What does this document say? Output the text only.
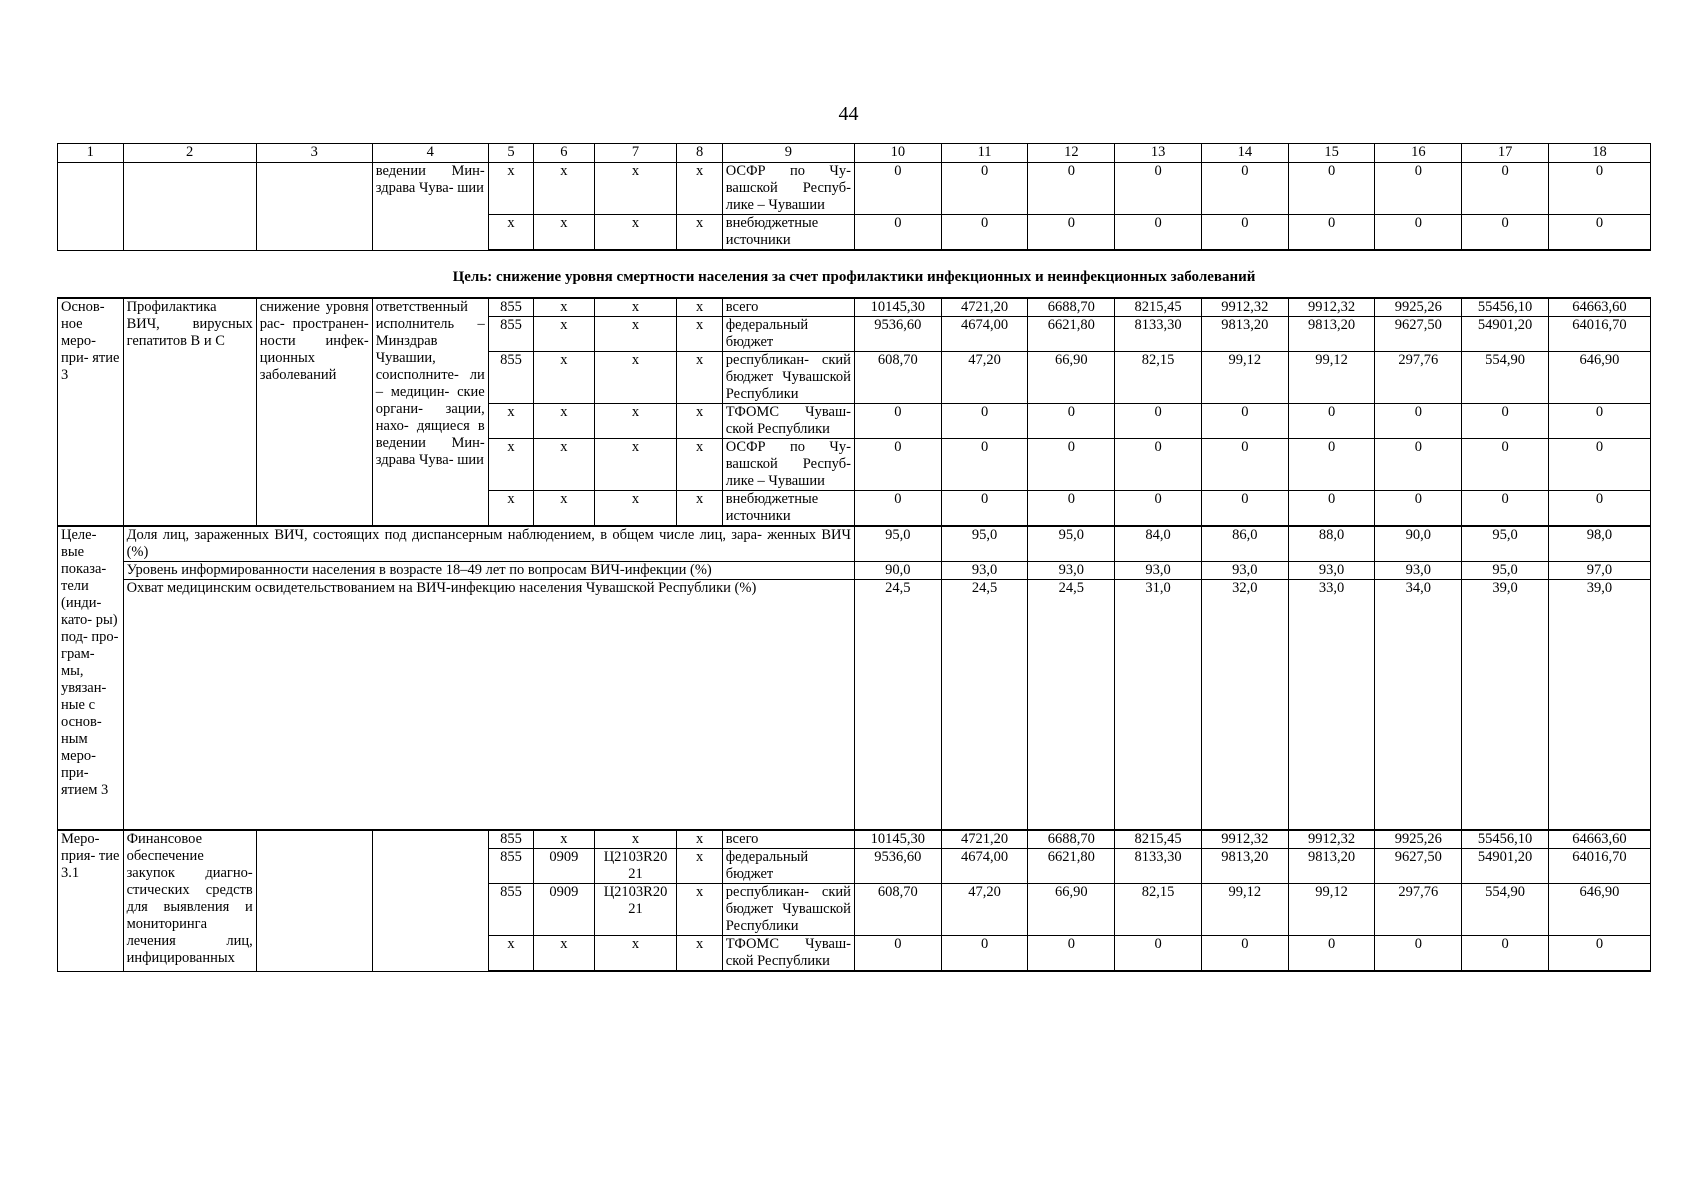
44
1	2	3	4	5	6	7	8	9	10	11	12	13	14	15	16	17	18
			ведении Мин- здрава Чува- шии	x	x	x	x	ОСФР по Чу- вашской Респуб- лике – Чувашии	0	0	0	0	0	0	0	0	0
				x	x	x	x	внебюджетные источники	0	0	0	0	0	0	0	0	0
Цель: снижение уровня смертности населения за счет профилактики инфекционных и неинфекционных заболеваний																	
Основ- ное меро- при- ятие 3	Профилактика ВИЧ, вирусных гепатитов В и С	снижение уровня рас- пространен- ности инфек- ционных заболеваний	ответственный исполнитель – Минздрав Чувашии, соисполните- ли – медицин- ские органи- зации, нахо- дящиеся в ведении Мин- здрава Чува- шии	855	x	x	x	всего	10145,30	4721,20	6688,70	8215,45	9912,32	9912,32	9925,26	55456,10	64663,60
				855	x	x	x	федеральный бюджет	9536,60	4674,00	6621,80	8133,30	9813,20	9813,20	9627,50	54901,20	64016,70
				855	x	x	x	республикан- ский бюджет Чувашской Республики	608,70	47,20	66,90	82,15	99,12	99,12	297,76	554,90	646,90
				x	x	x	x	ТФОМС Чуваш- ской Республики	0	0	0	0	0	0	0	0	0
				x	x	x	x	ОСФР по Чу- вашской Респуб- лике – Чувашии	0	0	0	0	0	0	0	0	0
				x	x	x	x	внебюджетные источники	0	0	0	0	0	0	0	0	0
Целе- вые показа- тели (инди- като- ры) под- про- грам- мы, увязан- ные с основ- ным меро- при- ятием 3	Доля лиц, зараженных ВИЧ, состоящих под диспансерным наблюдением, в общем числе лиц, зара- женных ВИЧ (%)								95,0	95,0	95,0	84,0	86,0	88,0	90,0	95,0	98,0
	Уровень информированности населения в возрасте 18–49 лет по вопросам ВИЧ-инфекции (%)								90,0	93,0	93,0	93,0	93,0	93,0	93,0	95,0	97,0
	Охват медицинским освидетельствованием на ВИЧ-инфекцию населения Чувашской Республики (%)								24,5	24,5	24,5	31,0	32,0	33,0	34,0	39,0	39,0
Меро- прия- тие 3.1	Финансовое обеспечение закупок диагно- стических средств для выявления и мониторинга лечения лиц, инфицированных			855	x	x	x	всего	10145,30	4721,20	6688,70	8215,45	9912,32	9912,32	9925,26	55456,10	64663,60
				855	0909	Ц2103R20 21	x	федеральный бюджет	9536,60	4674,00	6621,80	8133,30	9813,20	9813,20	9627,50	54901,20	64016,70
				855	0909	Ц2103R20 21	x	республикан- ский бюджет Чувашской Республики	608,70	47,20	66,90	82,15	99,12	99,12	297,76	554,90	646,90
				x	x	x	x	ТФОМС Чуваш- ской Республики	0	0	0	0	0	0	0	0	0
